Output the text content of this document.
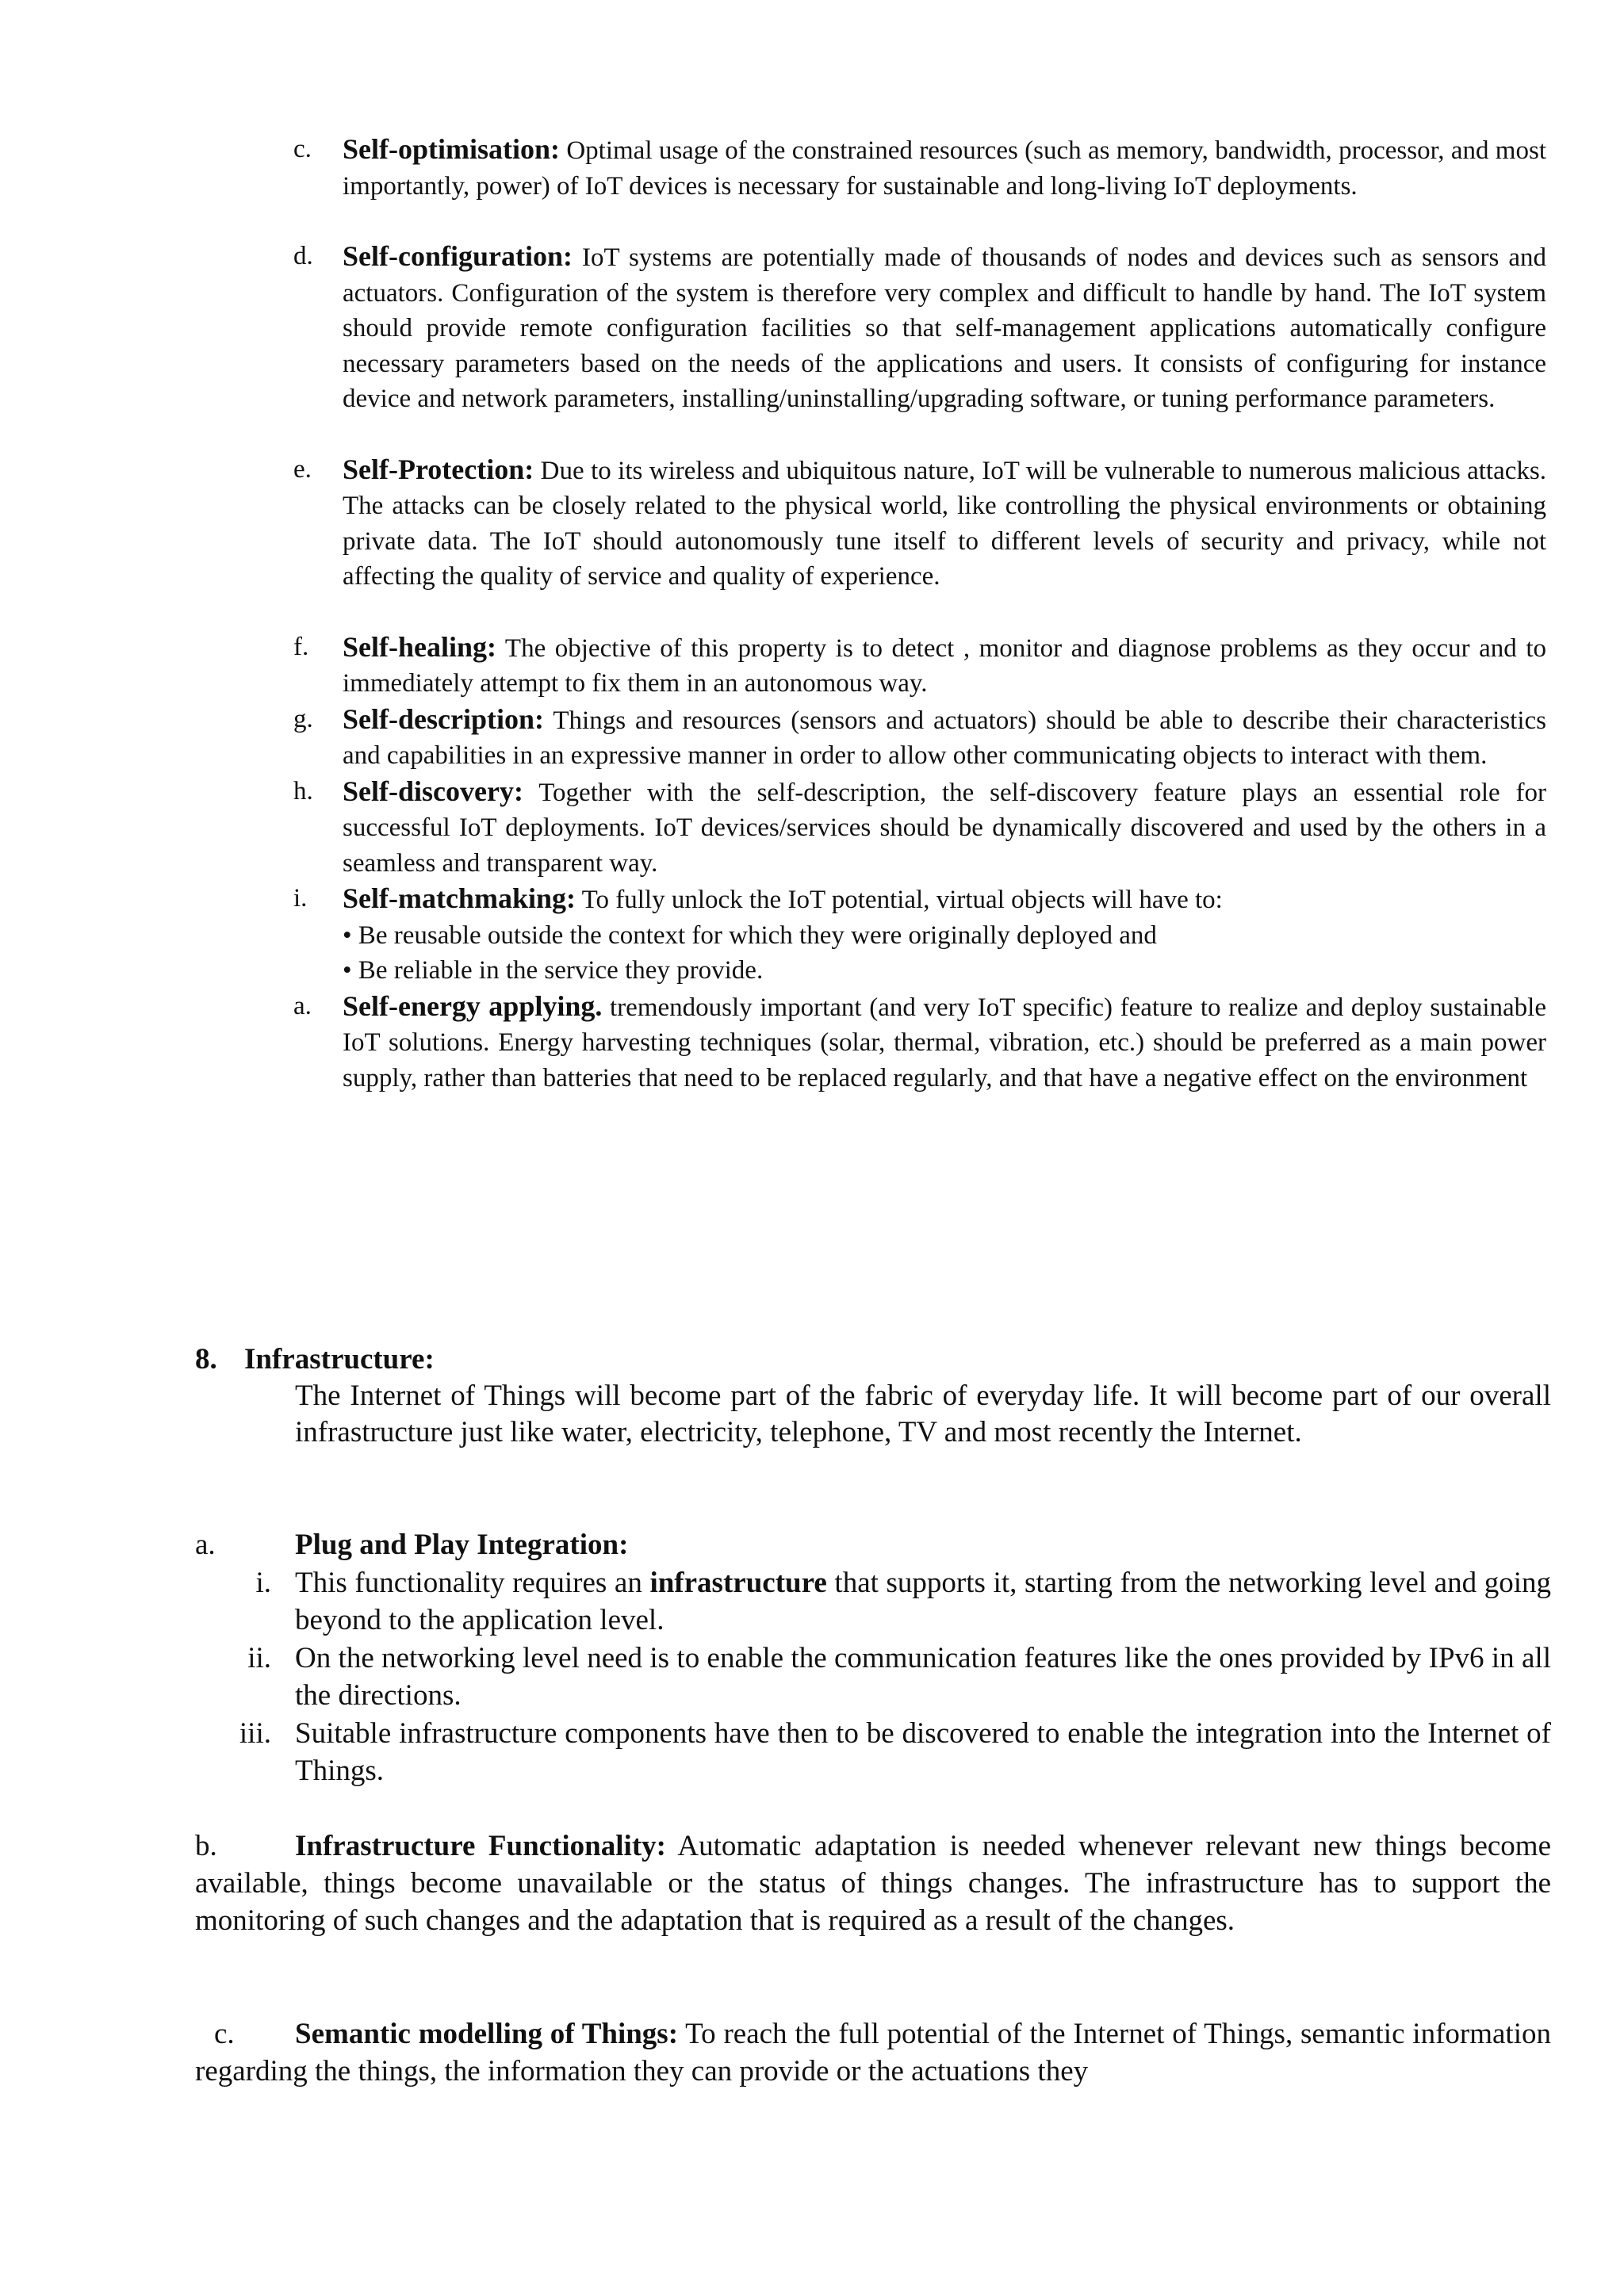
c. Self-optimisation: Optimal usage of the constrained resources (such as memory, bandwidth, processor, and most importantly, power) of IoT devices is necessary for sustainable and long-living IoT deployments.
d. Self-configuration: IoT systems are potentially made of thousands of nodes and devices such as sensors and actuators. Configuration of the system is therefore very complex and difficult to handle by hand. The IoT system should provide remote configuration facilities so that self-management applications automatically configure necessary parameters based on the needs of the applications and users. It consists of configuring for instance device and network parameters, installing/uninstalling/upgrading software, or tuning performance parameters.
e. Self-Protection: Due to its wireless and ubiquitous nature, IoT will be vulnerable to numerous malicious attacks. The attacks can be closely related to the physical world, like controlling the physical environments or obtaining private data. The IoT should autonomously tune itself to different levels of security and privacy, while not affecting the quality of service and quality of experience.
f. Self-healing: The objective of this property is to detect , monitor and diagnose problems as they occur and to immediately attempt to fix them in an autonomous way.
g. Self-description: Things and resources (sensors and actuators) should be able to describe their characteristics and capabilities in an expressive manner in order to allow other communicating objects to interact with them.
h. Self-discovery: Together with the self-description, the self-discovery feature plays an essential role for successful IoT deployments. IoT devices/services should be dynamically discovered and used by the others in a seamless and transparent way.
i. Self-matchmaking: To fully unlock the IoT potential, virtual objects will have to:
• Be reusable outside the context for which they were originally deployed and
• Be reliable in the service they provide.
a. Self-energy applying. tremendously important (and very IoT specific) feature to realize and deploy sustainable IoT solutions. Energy harvesting techniques (solar, thermal, vibration, etc.) should be preferred as a main power supply, rather than batteries that need to be replaced regularly, and that have a negative effect on the environment
8. Infrastructure:
The Internet of Things will become part of the fabric of everyday life. It will become part of our overall infrastructure just like water, electricity, telephone, TV and most recently the Internet.
a.	Plug and Play Integration:
i. This functionality requires an infrastructure that supports it, starting from the networking level and going beyond to the application level.
ii. On the networking level need is to enable the communication features like the ones provided by IPv6 in all the directions.
iii. Suitable infrastructure components have then to be discovered to enable the integration into the Internet of Things.
b.	Infrastructure Functionality: Automatic adaptation is needed whenever relevant new things become available, things become unavailable or the status of things changes. The infrastructure has to support the monitoring of such changes and the adaptation that is required as a result of the changes.
c. Semantic modelling of Things: To reach the full potential of the Internet of Things, semantic information regarding the things, the information they can provide or the actuations they
